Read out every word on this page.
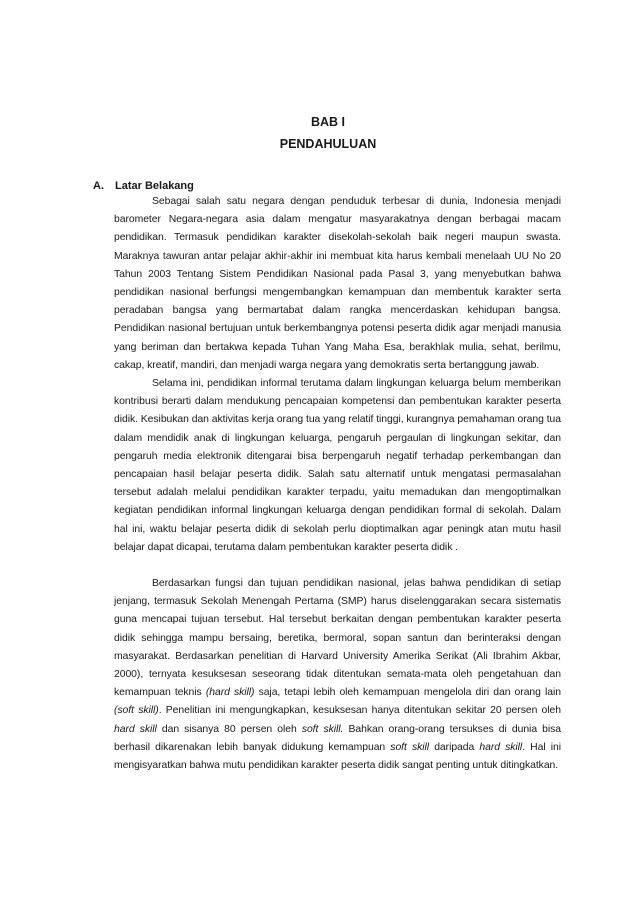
BAB I
PENDAHULUAN
A. Latar Belakang

Sebagai salah satu negara dengan penduduk terbesar di dunia, Indonesia menjadi barometer Negara-negara asia dalam mengatur masyarakatnya dengan berbagai macam pendidikan. Termasuk pendidikan karakter disekolah-sekolah baik negeri maupun swasta. Maraknya tawuran antar pelajar akhir-akhir ini membuat kita harus kembali menelaah UU No 20 Tahun 2003 Tentang Sistem Pendidikan Nasional pada Pasal 3, yang menyebutkan bahwa pendidikan nasional berfungsi mengembangkan kemampuan dan membentuk karakter serta peradaban bangsa yang bermartabat dalam rangka mencerdaskan kehidupan bangsa. Pendidikan nasional bertujuan untuk berkembangnya potensi peserta didik agar menjadi manusia yang beriman dan bertakwa kepada Tuhan Yang Maha Esa, berakhlak mulia, sehat, berilmu, cakap, kreatif, mandiri, dan menjadi warga negara yang demokratis serta bertanggung jawab.

Selama ini, pendidikan informal terutama dalam lingkungan keluarga belum memberikan kontribusi berarti dalam mendukung pencapaian kompetensi dan pembentukan karakter peserta didik. Kesibukan dan aktivitas kerja orang tua yang relatif tinggi, kurangnya pemahaman orang tua dalam mendidik anak di lingkungan keluarga, pengaruh pergaulan di lingkungan sekitar, dan pengaruh media elektronik ditengarai bisa berpengaruh negatif terhadap perkembangan dan pencapaian hasil belajar peserta didik. Salah satu alternatif untuk mengatasi permasalahan tersebut adalah melalui pendidikan karakter terpadu, yaitu memadukan dan mengoptimalkan kegiatan pendidikan informal lingkungan keluarga dengan pendidikan formal di sekolah. Dalam hal ini, waktu belajar peserta didik di sekolah perlu dioptimalkan agar peningk atan mutu hasil belajar dapat dicapai, terutama dalam pembentukan karakter peserta didik .

Berdasarkan fungsi dan tujuan pendidikan nasional, jelas bahwa pendidikan di setiap jenjang, termasuk Sekolah Menengah Pertama (SMP) harus diselenggarakan secara sistematis guna mencapai tujuan tersebut. Hal tersebut berkaitan dengan pembentukan karakter peserta didik sehingga mampu bersaing, beretika, bermoral, sopan santun dan berinteraksi dengan masyarakat. Berdasarkan penelitian di Harvard University Amerika Serikat (Ali Ibrahim Akbar, 2000), ternyata kesuksesan seseorang tidak ditentukan semata-mata oleh pengetahuan dan kemampuan teknis (hard skill) saja, tetapi lebih oleh kemampuan mengelola diri dan orang lain (soft skill). Penelitian ini mengungkapkan, kesuksesan hanya ditentukan sekitar 20 persen oleh hard skill dan sisanya 80 persen oleh soft skill. Bahkan orang-orang tersukses di dunia bisa berhasil dikarenakan lebih banyak didukung kemampuan soft skill daripada hard skill. Hal ini mengisyaratkan bahwa mutu pendidikan karakter peserta didik sangat penting untuk ditingkatkan.
